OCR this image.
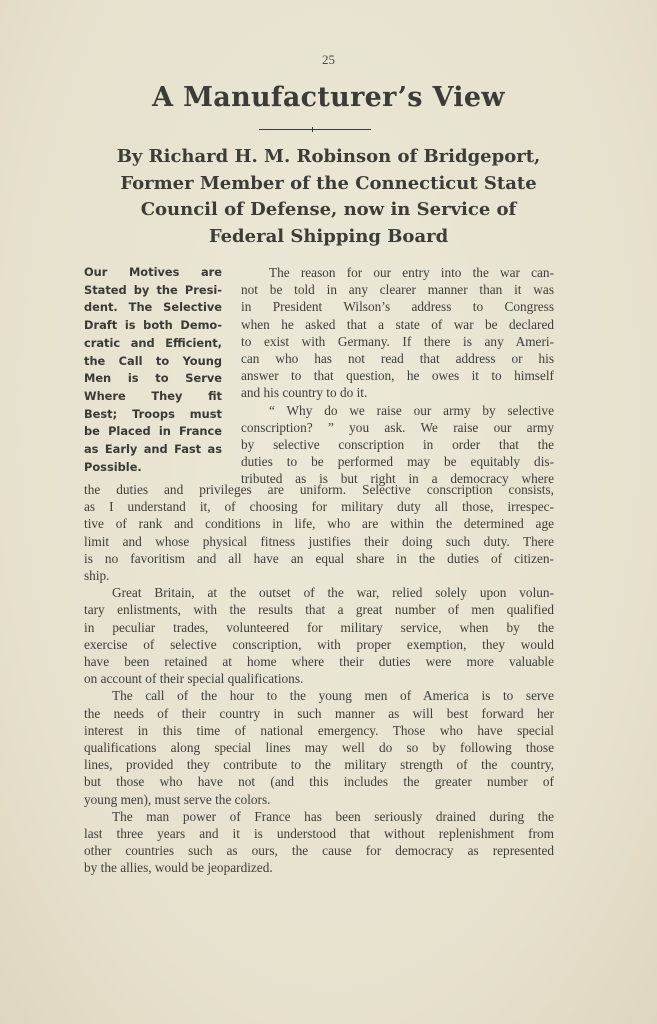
25
A Manufacturer’s View
By Richard H. M. Robinson of Bridgeport,
Former Member of the Connecticut State
Council of Defense, now in Service of
Federal Shipping Board
Our Motives are
Stated by the Presi-
dent. The Selective
Draft is both Demo-
cratic and Efficient,
the Call to Young
Men is to Serve
Where They fit
Best; Troops must
be Placed in France
as Early and Fast as
Possible.
The reason for our entry into the war can-
not be told in any clearer manner than it was
in President Wilson’s address to Congress
when he asked that a state of war be declared
to exist with Germany. If there is any Ameri-
can who has not read that address or his
answer to that question, he owes it to himself
and his country to do it.
“ Why do we raise our army by selective
conscription? ” you ask. We raise our army
by selective conscription in order that the
duties to be performed may be equitably dis-
tributed as is but right in a democracy where
the duties and privileges are uniform. Selective conscription consists,
as I understand it, of choosing for military duty all those, irrespec-
tive of rank and conditions in life, who are within the determined age
limit and whose physical fitness justifies their doing such duty. There
is no favoritism and all have an equal share in the duties of citizen-
ship.
Great Britain, at the outset of the war, relied solely upon volun-
tary enlistments, with the results that a great number of men qualified
in peculiar trades, volunteered for military service, when by the
exercise of selective conscription, with proper exemption, they would
have been retained at home where their duties were more valuable
on account of their special qualifications.
The call of the hour to the young men of America is to serve
the needs of their country in such manner as will best forward her
interest in this time of national emergency. Those who have special
qualifications along special lines may well do so by following those
lines, provided they contribute to the military strength of the country,
but those who have not (and this includes the greater number of
young men), must serve the colors.
The man power of France has been seriously drained during the
last three years and it is understood that without replenishment from
other countries such as ours, the cause for democracy as represented
by the allies, would be jeopardized.
